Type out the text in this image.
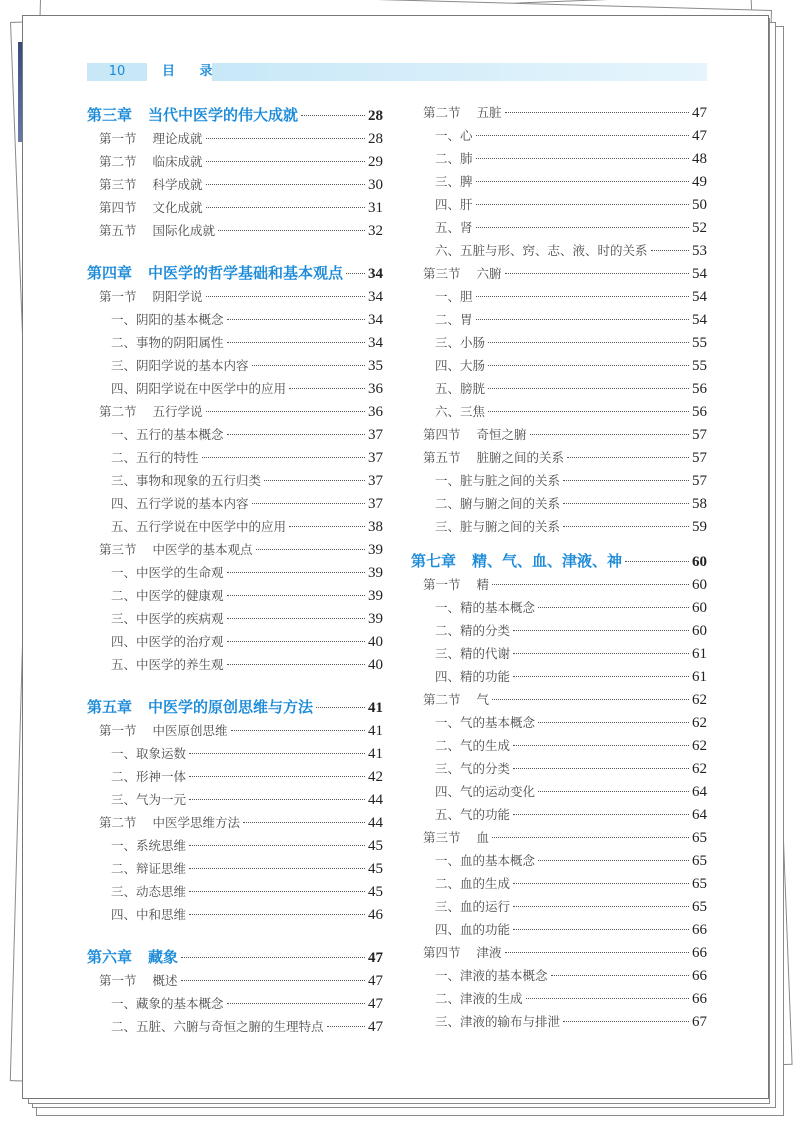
10	目 录
第三章 当代中医学的伟大成就	28
第一节 理论成就	28
第二节 临床成就	29
第三节 科学成就	30
第四节 文化成就	31
第五节 国际化成就	32
第四章 中医学的哲学基础和基本观点 34
第一节 阴阳学说	34
一、阴阳的基本概念	34
二、事物的阴阳属性	34
三、阴阳学说的基本内容	35
四、阴阳学说在中医学中的应用	36
第二节 五行学说	36
一、五行的基本概念	37
二、五行的特性	37
三、事物和现象的五行归类	37
四、五行学说的基本内容	37
五、五行学说在中医学中的应用	38
第三节 中医学的基本观点	39
一、中医学的生命观	39
二、中医学的健康观	39
三、中医学的疾病观	39
四、中医学的治疗观	40
五、中医学的养生观	40
第五章 中医学的原创思维与方法	41
第一节 中医原创思维	41
一、取象运数	41
二、形神一体	42
三、气为一元	44
第二节 中医学思维方法	44
一、系统思维	45
二、辩证思维	45
三、动态思维	45
四、中和思维	46
第六章 藏象	47
第一节 概述	47
一、藏象的基本概念	47
二、五脏、六腑与奇恒之腑的生理特点	47
第二节 五脏	47
一、心	47
二、肺	48
三、脾	49
四、肝	50
五、肾	52
六、五脏与形、窍、志、液、时的关系	53
第三节 六腑	54
一、胆	54
二、胃	54
三、小肠	55
四、大肠	55
五、膀胱	56
六、三焦	56
第四节 奇恒之腑	57
第五节 脏腑之间的关系	57
一、脏与脏之间的关系	57
二、腑与腑之间的关系	58
三、脏与腑之间的关系	59
第七章 精、气、血、津液、神	60
第一节 精	60
一、精的基本概念	60
二、精的分类	60
三、精的代谢	61
四、精的功能	61
第二节 气	62
一、气的基本概念	62
二、气的生成	62
三、气的分类	62
四、气的运动变化	64
五、气的功能	64
第三节 血	65
一、血的基本概念	65
二、血的生成	65
三、血的运行	65
四、血的功能	66
第四节 津液	66
一、津液的基本概念	66
二、津液的生成	66
三、津液的输布与排泄	67
